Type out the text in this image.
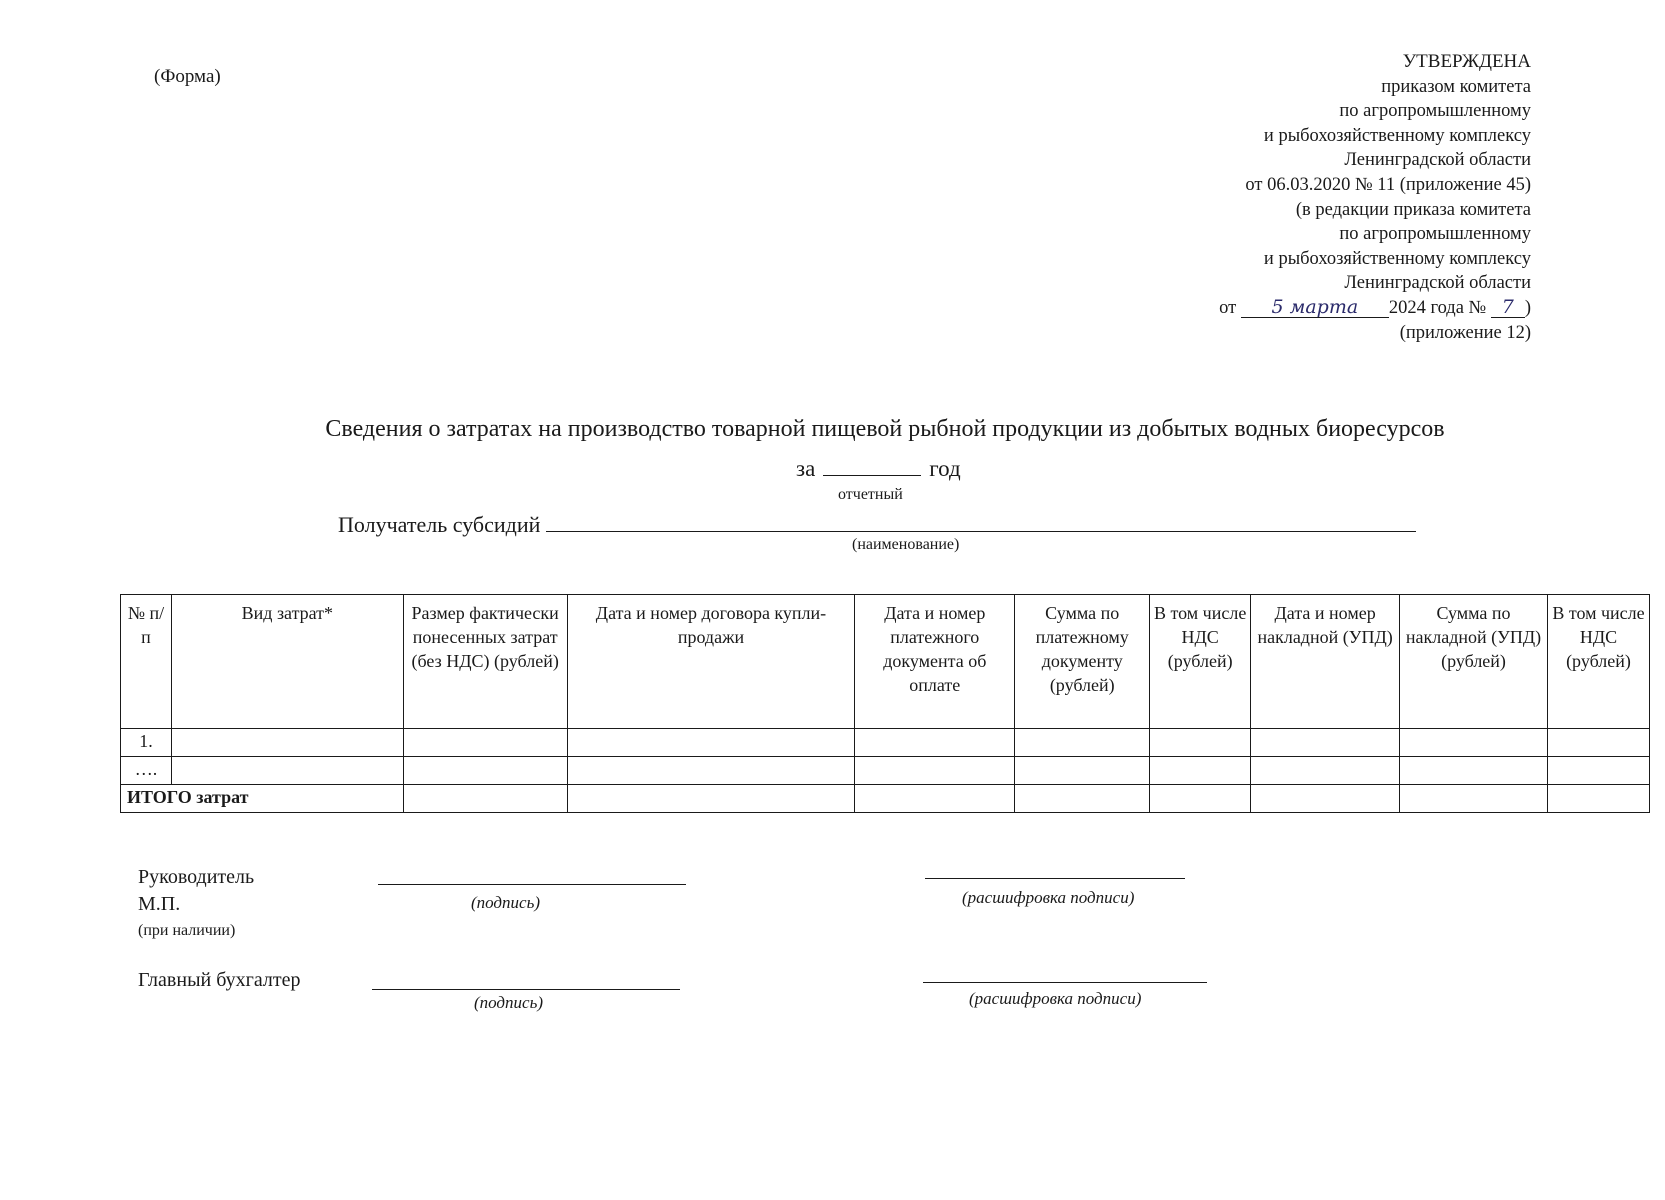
(Форма)
УТВЕРЖДЕНА
приказом комитета
по агропромышленному
и рыбохозяйственному комплексу
Ленинградской области
от 06.03.2020 № 11 (приложение 45)
(в редакции приказа комитета
по агропромышленному
и рыбохозяйственному комплексу
Ленинградской области
от 5 марта 2024 года № 7 )
(приложение 12)
Сведения о затратах на производство товарной пищевой рыбной продукции из добытых водных биоресурсов
за	год
отчетный
Получатель субсидий
(наименование)
№ п/п	Вид затрат*	Размер фактически понесенных затрат (без НДС) (рублей)	Дата и номер договора купли-продажи	Дата и номер платежного документа об оплате	Сумма по платежному документу (рублей)	В том числе НДС (рублей)	Дата и номер накладной (УПД)	Сумма по накладной (УПД) (рублей)	В том числе НДС (рублей)
1.									
….									
ИТОГО затрат									
Руководитель
М.П.
(при наличии)
(подпись)	(расшифровка подписи)
Главный бухгалтер
(подпись)	(расшифровка подписи)
